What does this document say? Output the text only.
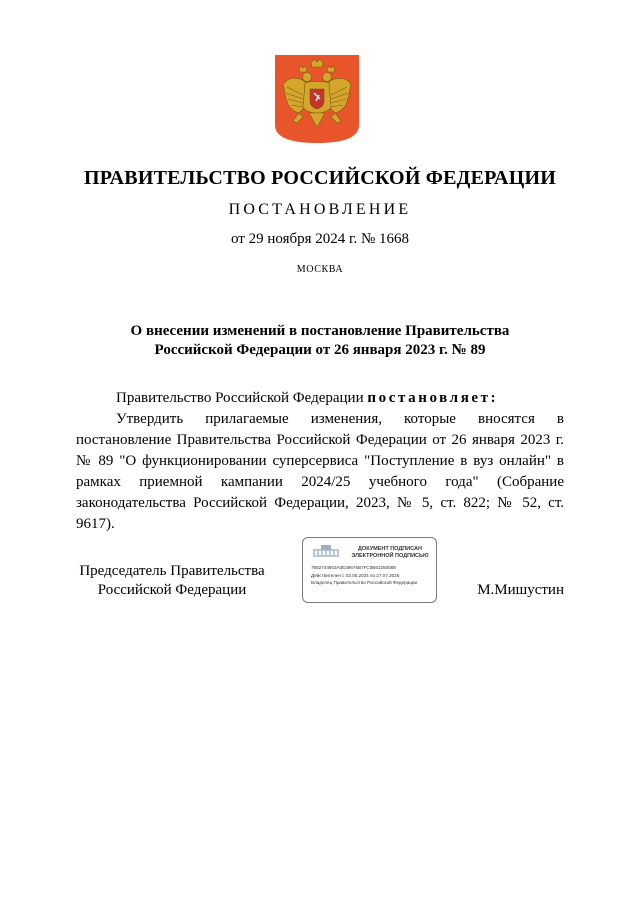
ПРАВИТЕЛЬСТВО РОССИЙСКОЙ ФЕДЕРАЦИИ
ПОСТАНОВЛЕНИЕ
от 29 ноября 2024 г. № 1668
МОСКВА
О внесении изменений в постановление Правительства
Российской Федерации от 26 января 2023 г. № 89

Правительство Российской Федерации постановляет:

Утвердить прилагаемые изменения, которые вносятся в постановление Правительства Российской Федерации от 26 января 2023 г. № 89 "О функционировании суперсервиса "Поступление в вуз онлайн" в рамках приемной кампании 2024/25 учебного года" (Собрание законодательства Российской Федерации, 2023, № 5, ст. 822; № 52, ст. 9617).

Председатель Правительства
Российской Федерации
ДОКУМЕНТ ПОДПИСАН
ЭЛЕКТРОННОЙ ПОДПИСЬЮ
7882744803A0E39676B7FC0B61250088
Действителен с 03.05.2024 по 27.07.2025
Владелец Правительство Российской Федерации	М.Мишустин
